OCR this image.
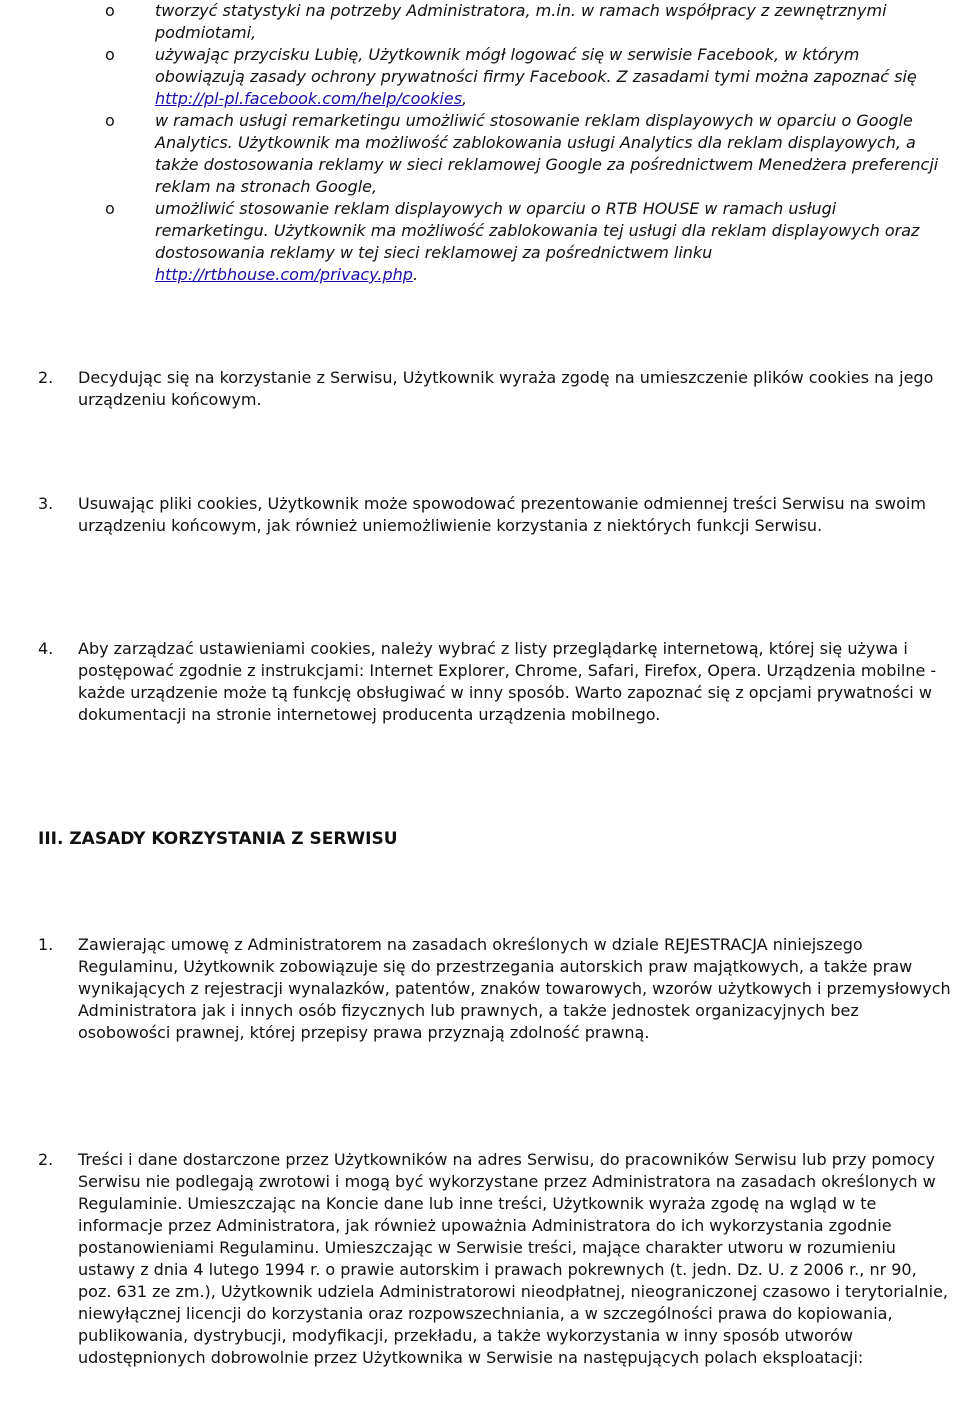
o	tworzyć statystyki na potrzeby Administratora, m.in. w ramach współpracy z zewnętrznymi podmiotami,
o	używając przycisku Lubię, Użytkownik mógł logować się w serwisie Facebook, w którym obowiązują zasady ochrony prywatności firmy Facebook. Z zasadami tymi można zapoznać się http://pl-pl.facebook.com/help/cookies,
o	w ramach usługi remarketingu umożliwić stosowanie reklam displayowych w oparciu o Google Analytics. Użytkownik ma możliwość zablokowania usługi Analytics dla reklam displayowych, a także dostosowania reklamy w sieci reklamowej Google za pośrednictwem Menedżera preferencji reklam na stronach Google,
o	umożliwić stosowanie reklam displayowych w oparciu o RTB HOUSE w ramach usługi remarketingu. Użytkownik ma możliwość zablokowania tej usługi dla reklam displayowych oraz dostosowania reklamy w tej sieci reklamowej za pośrednictwem linku http://rtbhouse.com/privacy.php.
2. Decydując się na korzystanie z Serwisu, Użytkownik wyraża zgodę na umieszczenie plików cookies na jego urządzeniu końcowym.
3. Usuwając pliki cookies, Użytkownik może spowodować prezentowanie odmiennej treści Serwisu na swoim urządzeniu końcowym, jak również uniemożliwienie korzystania z niektórych funkcji Serwisu.
4. Aby zarządzać ustawieniami cookies, należy wybrać z listy przeglądarkę internetową, której się używa i postępować zgodnie z instrukcjami: Internet Explorer, Chrome, Safari, Firefox, Opera. Urządzenia mobilne - każde urządzenie może tą funkcję obsługiwać w inny sposób. Warto zapoznać się z opcjami prywatności w dokumentacji na stronie internetowej producenta urządzenia mobilnego.
III. ZASADY KORZYSTANIA Z SERWISU
1. Zawierając umowę z Administratorem na zasadach określonych w dziale REJESTRACJA niniejszego Regulaminu, Użytkownik zobowiązuje się do przestrzegania autorskich praw majątkowych, a także praw wynikających z rejestracji wynalazków, patentów, znaków towarowych, wzorów użytkowych i przemysłowych Administratora jak i innych osób fizycznych lub prawnych, a także jednostek organizacyjnych bez osobowości prawnej, której przepisy prawa przyznają zdolność prawną.
2. Treści i dane dostarczone przez Użytkowników na adres Serwisu, do pracowników Serwisu lub przy pomocy Serwisu nie podlegają zwrotowi i mogą być wykorzystane przez Administratora na zasadach określonych w Regulaminie. Umieszczając na Koncie dane lub inne treści, Użytkownik wyraża zgodę na wgląd w te informacje przez Administratora, jak również upoważnia Administratora do ich wykorzystania zgodnie postanowieniami Regulaminu. Umieszczając w Serwisie treści, mające charakter utworu w rozumieniu ustawy z dnia 4 lutego 1994 r. o prawie autorskim i prawach pokrewnych (t. jedn. Dz. U. z 2006 r., nr 90, poz. 631 ze zm.), Użytkownik udziela Administratorowi nieodpłatnej, nieograniczonej czasowo i terytorialnie, niewyłącznej licencji do korzystania oraz rozpowszechniania, a w szczególności prawa do kopiowania, publikowania, dystrybucji, modyfikacji, przekładu, a także wykorzystania w inny sposób utworów udostępnionych dobrowolnie przez Użytkownika w Serwisie na następujących polach eksploatacji:
